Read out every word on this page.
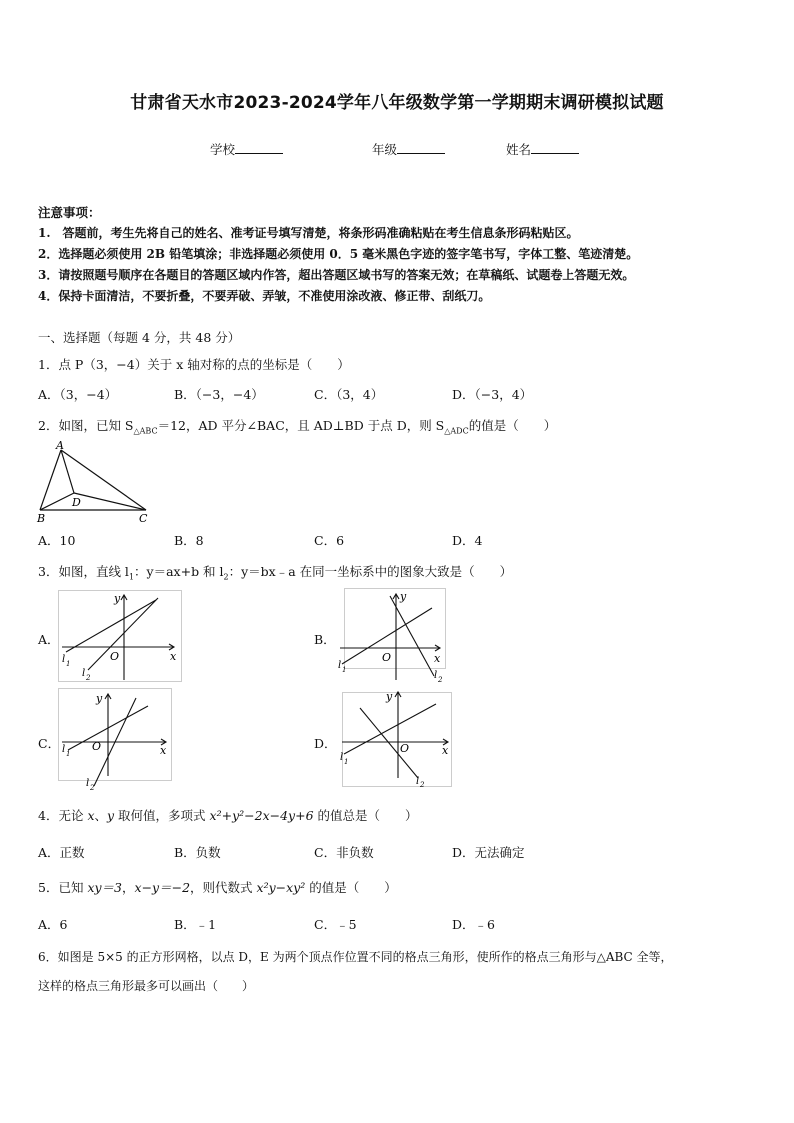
甘肃省天水市2023-2024学年八年级数学第一学期期末调研模拟试题
学校	年级	姓名
注意事项：
1.　答题前，考生先将自己的姓名、准考证号填写清楚，将条形码准确粘贴在考生信息条形码粘贴区。
2．选择题必须使用 2B 铅笔填涂；非选择题必须使用 0．5 毫米黑色字迹的签字笔书写，字体工整、笔迹清楚。
3．请按照题号顺序在各题目的答题区域内作答，超出答题区域书写的答案无效；在草稿纸、试题卷上答题无效。
4．保持卡面清洁，不要折叠，不要弄破、弄皱，不准使用涂改液、修正带、刮纸刀。
一、选择题（每题 4 分，共 48 分）
1．点 P（3，−4）关于 x 轴对称的点的坐标是（　　）
A．（3，−4）	B．（−3，−4）	C．（3，4）	D．（−3，4）
2．如图，已知 $S_{\triangle ABC}=12$，AD 平分∠BAC，且 AD⊥BD 于点 D，则 $S_{\triangle ADC}$的值是（　　）
A
B	C
D
A．10	B．8	C．6	D．4
3．如图，直线 $l_1$：y＝ax+b 和 $l_2$：y＝bx﹣a 在同一坐标系中的图象大致是（　　）
A．	B．
C．	D．
x
y
O
l 1
l 2
x
y
O
l 1	l 2
x
y
O
l 1
l 2
x
y
O
l 1
l 2
4．无论 x、y 取何值，多项式 x²+y²−2x−4y+6 的值总是（　　）
A．正数	B．负数	C．非负数	D．无法确定
5．已知 xy＝3，x−y＝−2，则代数式 x²y−xy² 的值是（　　）
A．6	B．﹣1	C．﹣5	D．﹣6
6．如图是 5×5 的正方形网格，以点 D，E 为两个顶点作位置不同的格点三角形，使所作的格点三角形与△ABC 全等，
这样的格点三角形最多可以画出（　　）
